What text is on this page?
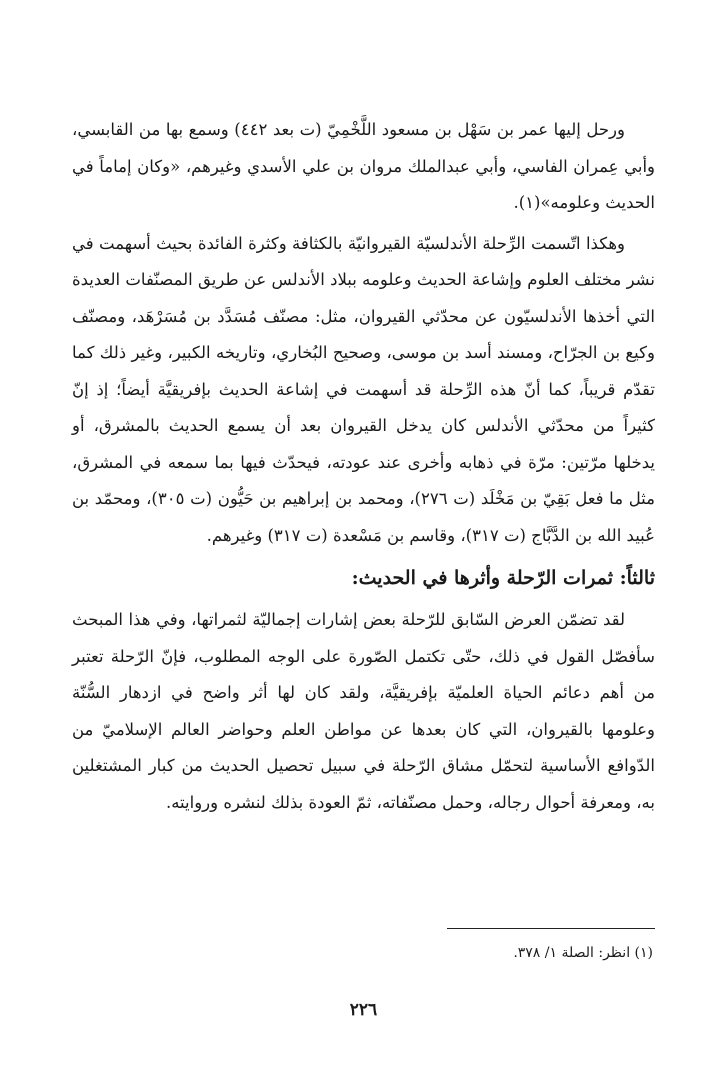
ورحل إليها عمر بن سَهْل بن مسعود اللَّخْمِيّ (ت بعد ٤٤٢) وسمع بها من القابسي، وأبي عِمران الفاسي، وأبي عبدالملك مروان بن علي الأسدي وغيرهم، «وكان إماماً في الحديث وعلومه»(١).

وهكذا اتّسمت الرِّحلة الأندلسيّة القيروانيّة بالكثافة وكثرة الفائدة بحيث أسهمت في نشر مختلف العلوم وإشاعة الحديث وعلومه ببلاد الأندلس عن طريق المصنّفات العديدة التي أخذها الأندلسيّون عن محدّثي القيروان، مثل: مصنّف مُسَدَّد بن مُسَرْهَد، ومصنّف وكيع بن الجرّاح، ومسند أسد بن موسى، وصحيح البُخاري، وتاريخه الكبير، وغير ذلك كما تقدّم قريباً، كما أنّ هذه الرِّحلة قد أسهمت في إشاعة الحديث بإفريقيَّة أيضاً؛ إذ إنّ كثيراً من محدّثي الأندلس كان يدخل القيروان بعد أن يسمع الحديث بالمشرق، أو يدخلها مرّتين: مرّة في ذهابه وأخرى عند عودته، فيحدّث فيها بما سمعه في المشرق، مثل ما فعل بَقِيّ بن مَخْلَد (ت ٢٧٦)، ومحمد بن إبراهيم بن حَيُّون (ت ٣٠٥)، ومحمّد بن عُبيد الله بن الدَّبَّاج (ت ٣١٧)، وقاسم بن مَسْعدة (ت ٣١٧) وغيرهم.

ثالثاً: ثمرات الرّحلة وأثرها في الحديث:

لقد تضمّن العرض السّابق للرّحلة بعض إشارات إجماليّة لثمراتها، وفي هذا المبحث سأفصّل القول في ذلك، حتّى تكتمل الصّورة على الوجه المطلوب، فإنّ الرّحلة تعتبر من أهم دعائم الحياة العلميّة بإفريقيَّة، ولقد كان لها أثر واضح في ازدهار السُّنّة وعلومها بالقيروان، التي كان بعدها عن مواطن العلم وحواضر العالم الإسلاميّ من الدّوافع الأساسية لتحمّل مشاق الرّحلة في سبيل تحصيل الحديث من كبار المشتغلين به، ومعرفة أحوال رجاله، وحمل مصنّفاته، ثمّ العودة بذلك لنشره وروايته.

(١) انظر: الصلة ١/ ٣٧٨.
٢٢٦
